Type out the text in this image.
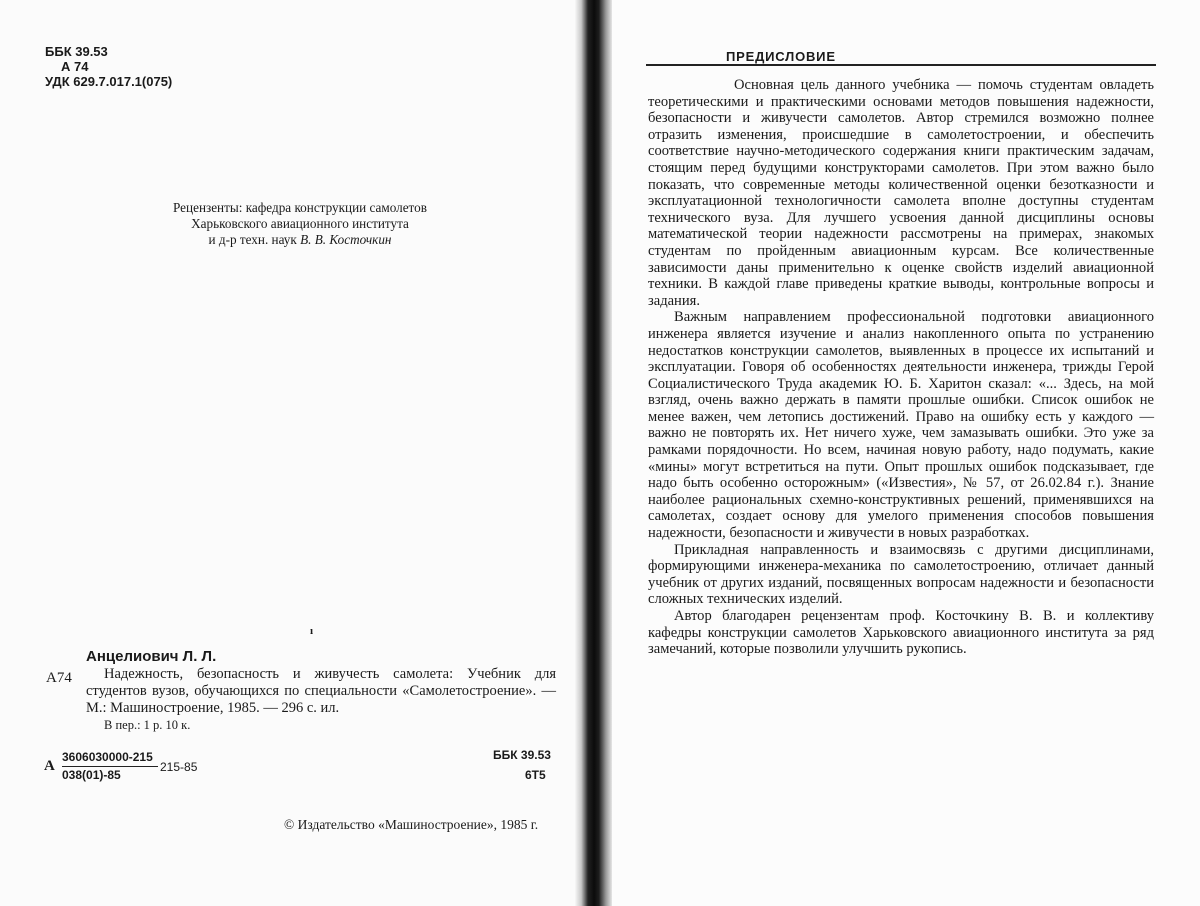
ББК 39.53
А 74
УДК 629.7.017.1(075)
Рецензенты: кафедра конструкции самолетов
Харьковского авиационного института
и д-р техн. наук В. В. Косточкин
ı
Анцелиович Л. Л.
А74	Надежность, безопасность и живучесть самолета: Учебник для студентов вузов, обучающихся по специальности «Самолетостроение». — М.: Машиностроение, 1985. — 296 с. ил.
В пер.: 1 р. 10 к.
А
3606030000-215
038(01)-85
215-85
ББК 39.53
6Т5
© Издательство «Машиностроение», 1985 г.
ПРЕДИСЛОВИЕ

Основная цель данного учебника — помочь студентам овладеть теоретическими и практическими основами методов повышения надежности, безопасности и живучести самолетов. Автор стремился возможно полнее отразить изменения, происшедшие в самолетостроении, и обеспечить соответствие научно-методического содержания книги практическим задачам, стоящим перед будущими конструкторами самолетов. При этом важно было показать, что современные методы количественной оценки безотказности и эксплуатационной технологичности самолета вполне доступны студентам технического вуза. Для лучшего усвоения данной дисциплины основы математической теории надежности рассмотрены на примерах, знакомых студентам по пройденным авиационным курсам. Все количественные зависимости даны применительно к оценке свойств изделий авиационной техники. В каждой главе приведены краткие выводы, контрольные вопросы и задания.

Важным направлением профессиональной подготовки авиационного инженера является изучение и анализ накопленного опыта по устранению недостатков конструкции самолетов, выявленных в процессе их испытаний и эксплуатации. Говоря об особенностях деятельности инженера, трижды Герой Социалистического Труда академик Ю. Б. Харитон сказал: «... Здесь, на мой взгляд, очень важно держать в памяти прошлые ошибки. Список ошибок не менее важен, чем летопись достижений. Право на ошибку есть у каждого — важно не повторять их. Нет ничего хуже, чем замазывать ошибки. Это уже за рамками порядочности. Но всем, начиная новую работу, надо подумать, какие «мины» могут встретиться на пути. Опыт прошлых ошибок подсказывает, где надо быть особенно осторожным» («Известия», № 57, от 26.02.84 г.). Знание наиболее рациональных схемно-конструктивных решений, применявшихся на самолетах, создает основу для умелого применения способов повышения надежности, безопасности и живучести в новых разработках.

Прикладная направленность и взаимосвязь с другими дисциплинами, формирующими инженера-механика по самолетостроению, отличает данный учебник от других изданий, посвященных вопросам надежности и безопасности сложных технических изделий.

Автор благодарен рецензентам проф. Косточкину В. В. и коллективу кафедры конструкции самолетов Харьковского авиационного института за ряд замечаний, которые позволили улучшить рукопись.
